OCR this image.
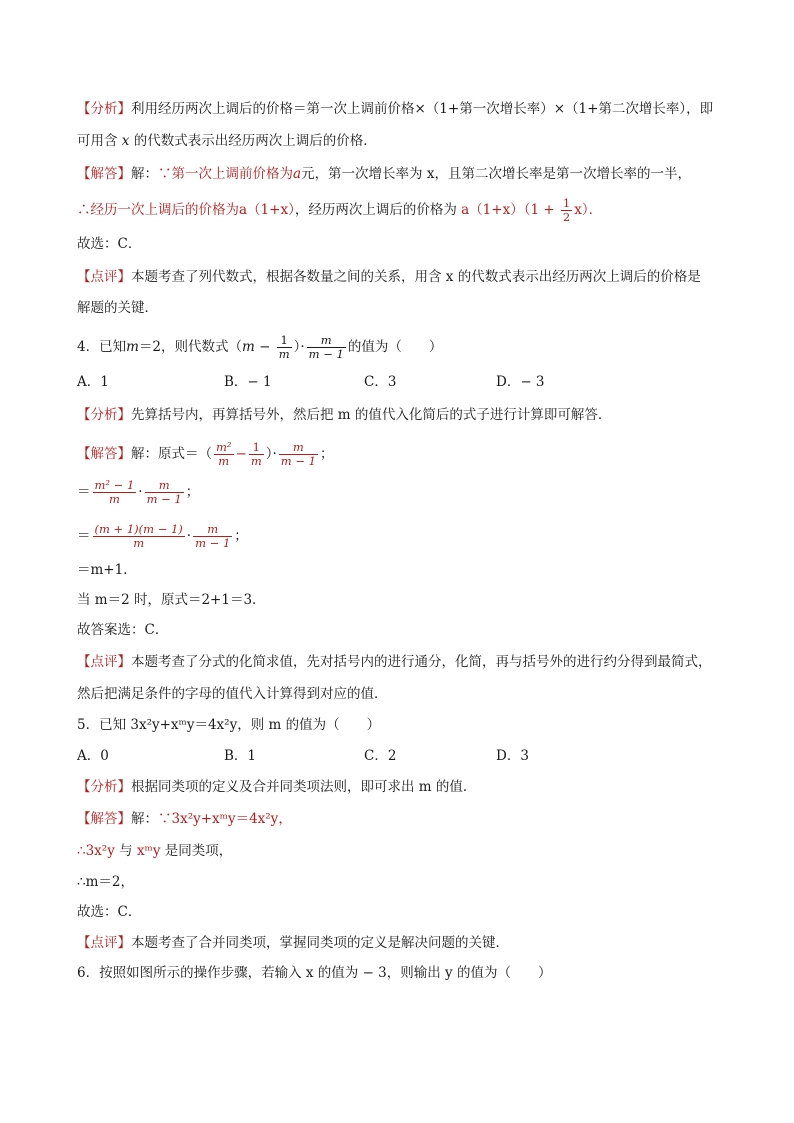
【分析】利用经历两次上调后的价格＝第一次上调前价格×（1+第一次增长率）×（1+第二次增长率），即
可用含 x 的代数式表示出经历两次上调后的价格．
【解答】解：∵第一次上调前价格为a元，第一次增长率为 x，且第二次增长率是第一次增长率的一半，
∴经历一次上调后的价格为a（1+x），经历两次上调后的价格为 $a(1+x)(1 + \frac{1}{2} x)$．
故选：C．
【点评】本题考查了列代数式，根据各数量之间的关系，用含 x 的代数式表示出经历两次上调后的价格是
解题的关键．
4．已知m＝2，则代数式（$m - \frac{1}{m}$ ）· $\frac{m}{m - 1}$ 的值为（　　）
A．1	B．− 1	C．3	D．− 3
【分析】先算括号内，再算括号外，然后把 m 的值代入化简后的式子进行计算即可解答．
【解答】解：原式＝（ $\frac{\text{m²}}{m} - \frac{1}{m}$ ）· $\frac{m}{m - 1}$ ；
＝ $\frac{\text{m² − 1}}{m} \cdot \frac{m}{m - 1}$ ；
＝ $\frac{(m + 1)(m - 1)}{m} \cdot \frac{m}{m - 1}$ ；
＝m+1．
当 m＝2 时，原式＝2+1＝3．
故答案选：C．
【点评】本题考查了分式的化简求值，先对括号内的进行通分，化简，再与括号外的进行约分得到最简式，
然后把满足条件的字母的值代入计算得到对应的值．
5．已知 3x²y+xᵐy＝4x²y，则 m 的值为（　　）
A．0	B．1	C．2	D．3
【分析】根据同类项的定义及合并同类项法则，即可求出 m 的值．
【解答】解：∵3x²y+xᵐy＝4x²y，
∴3x²y 与 xᵐy 是同类项，
∴m＝2，
故选：C．
【点评】本题考查了合并同类项，掌握同类项的定义是解决问题的关键．
6．按照如图所示的操作步骤，若输入 x 的值为 − 3，则输出 y 的值为（　　）
